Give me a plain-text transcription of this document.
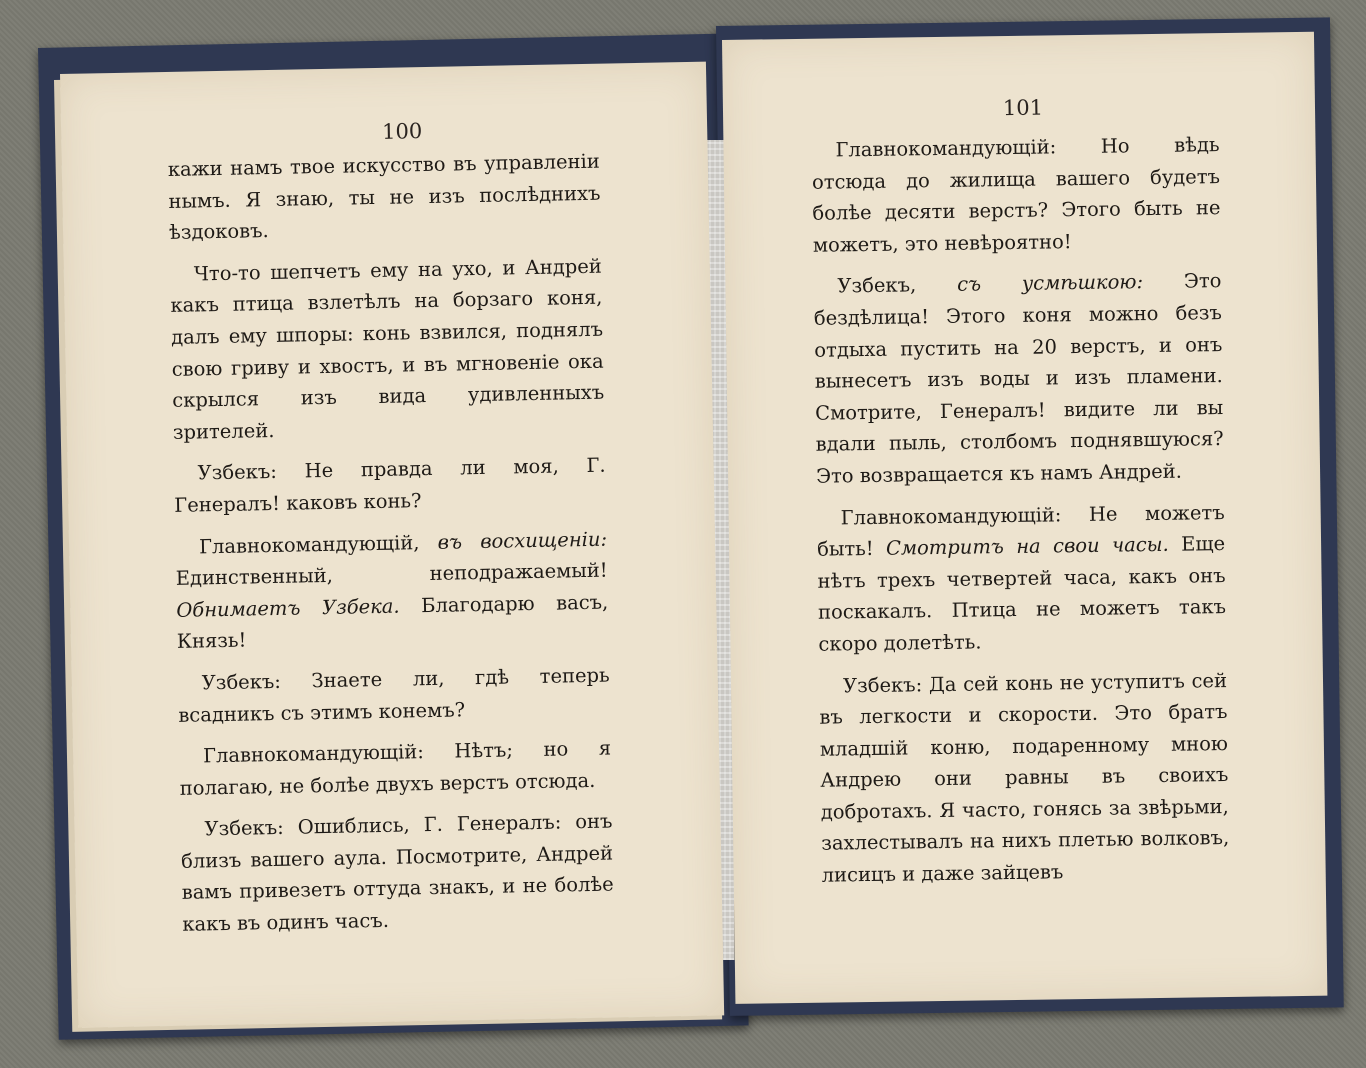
100

кажи намъ твое искусство въ управленіи нымъ. Я знаю, ты не изъ послѣднихъ ѣздоковъ.

Что-то шепчетъ ему на ухо, и Андрей какъ птица взлетѣлъ на борзаго коня, далъ ему шпоры: конь взвился, поднялъ свою гриву и хвостъ, и въ мгновеніе ока скрылся изъ вида удивленныхъ зрителей.

Узбекъ: Не правда ли моя, Г. Генералъ! каковъ конь?

Главнокомандующій, въ восхищеніи: Единственный, неподражаемый! Обнимаетъ Узбека. Благодарю васъ, Князь!

Узбекъ: Знаете ли, гдѣ теперь всадникъ съ этимъ конемъ?

Главнокомандующій: Нѣтъ; но я полагаю, не болѣе двухъ верстъ отсюда.

Узбекъ: Ошиблись, Г. Генералъ: онъ близъ вашего аула. Посмотрите, Андрей вамъ привезетъ оттуда знакъ, и не болѣе какъ въ одинъ часъ.

101

Главнокомандующій: Но вѣдь отсюда до жилища вашего будетъ болѣе десяти верстъ? Этого быть не можетъ, это невѣроятно!

Узбекъ, съ усмѣшкою: Это бездѣлица! Этого коня можно безъ отдыха пустить на 20 верстъ, и онъ вынесетъ изъ воды и изъ пламени. Смотрите, Генералъ! видите ли вы вдали пыль, столбомъ поднявшуюся? Это возвращается къ намъ Андрей.

Главнокомандующій: Не можетъ быть! Смотритъ на свои часы. Еще нѣтъ трехъ четвертей часа, какъ онъ поскакалъ. Птица не можетъ такъ скоро долетѣть.

Узбекъ: Да сей конь не уступитъ сей въ легкости и скорости. Это братъ младшій коню, подаренному мною Андрею они равны въ своихъ добротахъ. Я часто, гонясь за звѣрьми, захлестывалъ на нихъ плетью волковъ, лисицъ и даже зайцевъ
